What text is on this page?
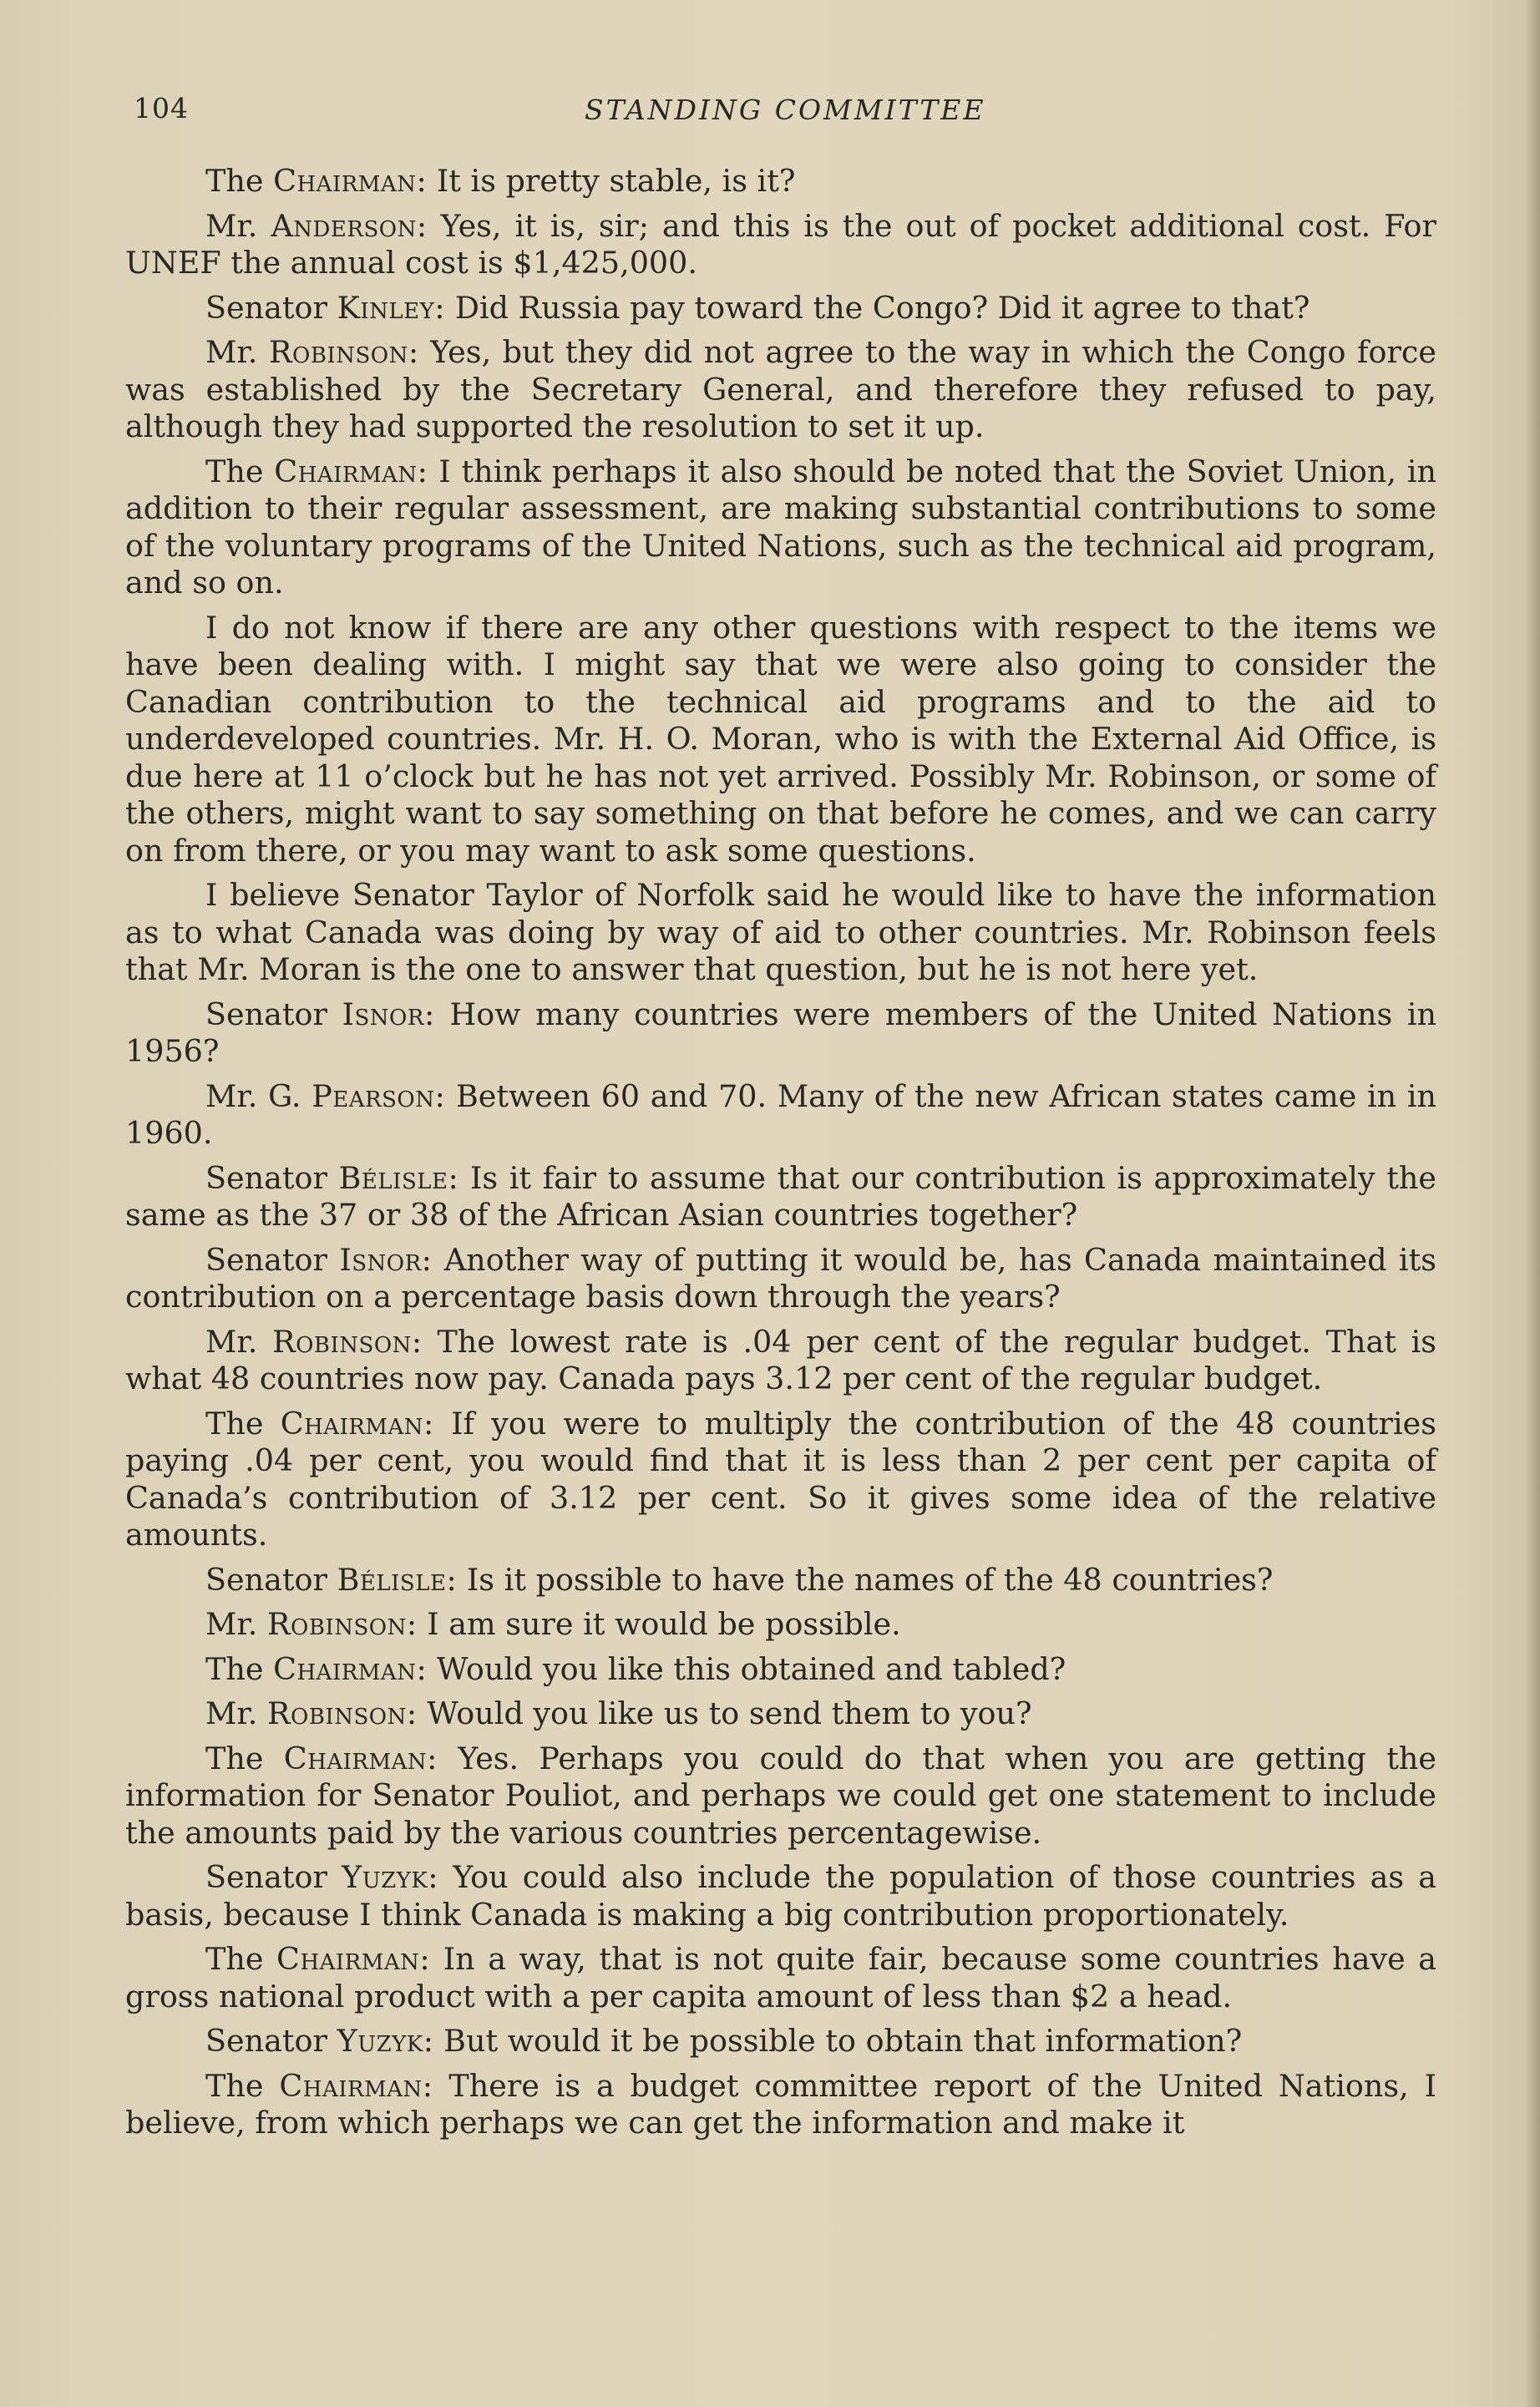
104	STANDING COMMITTEE

The Chairman: It is pretty stable, is it?

Mr. Anderson: Yes, it is, sir; and this is the out of pocket additional cost. For UNEF the annual cost is $1,425,000.

Senator Kinley: Did Russia pay toward the Congo? Did it agree to that?

Mr. Robinson: Yes, but they did not agree to the way in which the Congo force was established by the Secretary General, and therefore they refused to pay, although they had supported the resolution to set it up.

The Chairman: I think perhaps it also should be noted that the Soviet Union, in addition to their regular assessment, are making substantial contributions to some of the voluntary programs of the United Nations, such as the technical aid program, and so on.

I do not know if there are any other questions with respect to the items we have been dealing with. I might say that we were also going to consider the Canadian contribution to the technical aid programs and to the aid to underdeveloped countries. Mr. H. O. Moran, who is with the External Aid Office, is due here at 11 o’clock but he has not yet arrived. Possibly Mr. Robinson, or some of the others, might want to say something on that before he comes, and we can carry on from there, or you may want to ask some questions.

I believe Senator Taylor of Norfolk said he would like to have the information as to what Canada was doing by way of aid to other countries. Mr. Robinson feels that Mr. Moran is the one to answer that question, but he is not here yet.

Senator Isnor: How many countries were members of the United Nations in 1956?

Mr. G. Pearson: Between 60 and 70. Many of the new African states came in in 1960.

Senator Bélisle: Is it fair to assume that our contribution is approximately the same as the 37 or 38 of the African Asian countries together?

Senator Isnor: Another way of putting it would be, has Canada maintained its contribution on a percentage basis down through the years?

Mr. Robinson: The lowest rate is .04 per cent of the regular budget. That is what 48 countries now pay. Canada pays 3.12 per cent of the regular budget.

The Chairman: If you were to multiply the contribution of the 48 countries paying .04 per cent, you would find that it is less than 2 per cent per capita of Canada’s contribution of 3.12 per cent. So it gives some idea of the relative amounts.

Senator Bélisle: Is it possible to have the names of the 48 countries?

Mr. Robinson: I am sure it would be possible.

The Chairman: Would you like this obtained and tabled?

Mr. Robinson: Would you like us to send them to you?

The Chairman: Yes. Perhaps you could do that when you are getting the information for Senator Pouliot, and perhaps we could get one statement to include the amounts paid by the various countries percentagewise.

Senator Yuzyk: You could also include the population of those countries as a basis, because I think Canada is making a big contribution proportionately.

The Chairman: In a way, that is not quite fair, because some countries have a gross national product with a per capita amount of less than $2 a head.

Senator Yuzyk: But would it be possible to obtain that information?

The Chairman: There is a budget committee report of the United Nations, I believe, from which perhaps we can get the information and make it
